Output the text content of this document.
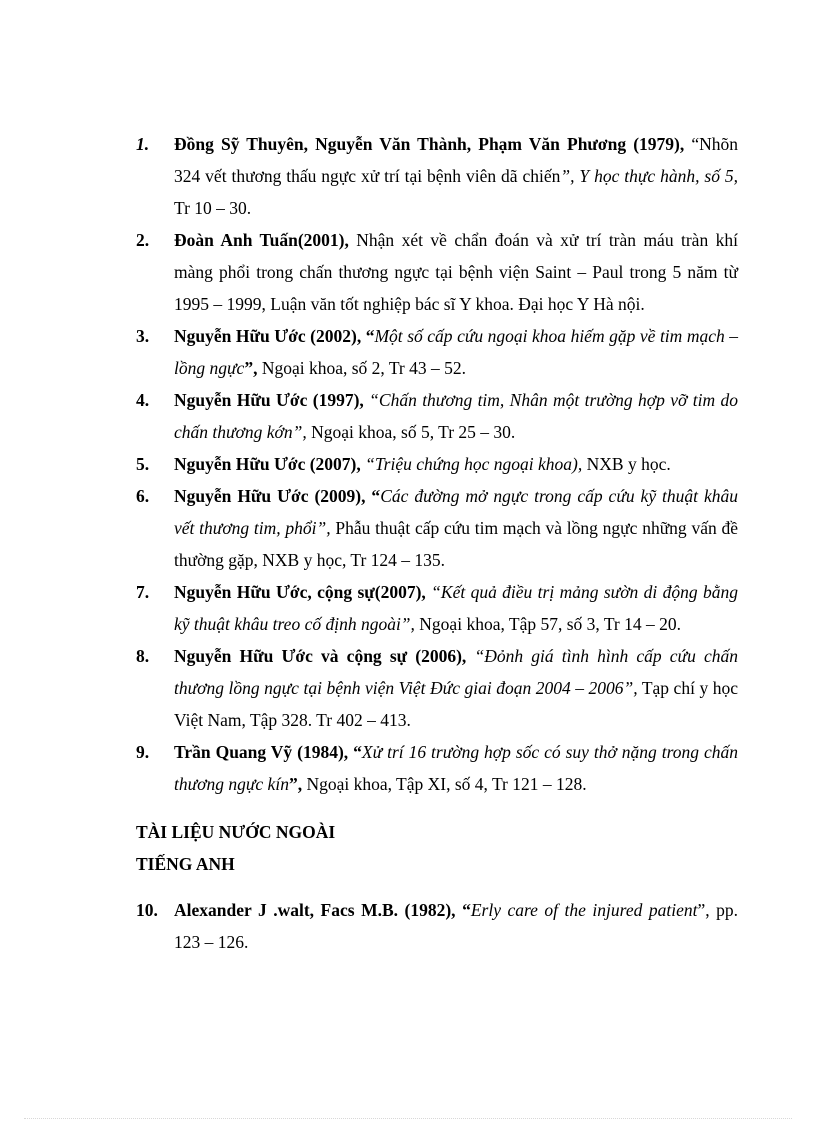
1.	Đồng Sỹ Thuyên, Nguyễn Văn Thành, Phạm Văn Phương (1979), “Nhõn 324 vết thương thấu ngực xử trí tại bệnh viên dã chiến”, Y học thực hành, số 5, Tr 10 – 30.
2.	Đoàn Anh Tuấn(2001), Nhận xét về chẩn đoán và xử trí tràn máu tràn khí màng phổi trong chấn thương ngực tại bệnh viện Saint – Paul trong 5 năm từ 1995 – 1999, Luận văn tốt nghiệp bác sĩ Y khoa. Đại học Y Hà nội.
3.	Nguyễn Hữu Ước (2002), “Một số cấp cứu ngoại khoa hiếm gặp về tim mạch – lồng ngực”, Ngoại khoa, số 2, Tr 43 – 52.
4.	Nguyễn Hữu Ước (1997), “Chấn thương tim, Nhân một trường hợp vỡ tim do chấn thương kớn”, Ngoại khoa, số 5, Tr 25 – 30.
5.	Nguyễn Hữu Ước (2007), “Triệu chứng học ngoại khoa), NXB y học.
6.	Nguyễn Hữu Ước (2009), “Các đường mở ngực trong cấp cứu kỹ thuật khâu vết thương tim, phổi”, Phẫu thuật cấp cứu tim mạch và lồng ngực những vấn đề thường gặp, NXB y học, Tr 124 – 135.
7.	Nguyễn Hữu Ước, cộng sự(2007), “Kết quả điều trị mảng sườn di động bằng kỹ thuật khâu treo cố định ngoài”, Ngoại khoa, Tập 57, số 3, Tr 14 – 20.
8.	Nguyễn Hữu Ước và cộng sự (2006), “Đỏnh giá tình hình cấp cứu chấn thương lồng ngực tại bệnh viện Việt Đức giai đoạn 2004 – 2006”, Tạp chí y học Việt Nam, Tập 328. Tr 402 – 413.
9.	Trần Quang Vỹ (1984), “Xử trí 16 trường hợp sốc có suy thở nặng trong chấn thương ngực kín”, Ngoại khoa, Tập XI, số 4, Tr 121 – 128.
TÀI LIỆU NƯỚC NGOÀI
TIẾNG ANH
10. Alexander J .walt, Facs M.B. (1982), “Erly care of the injured patient”, pp. 123 – 126.
